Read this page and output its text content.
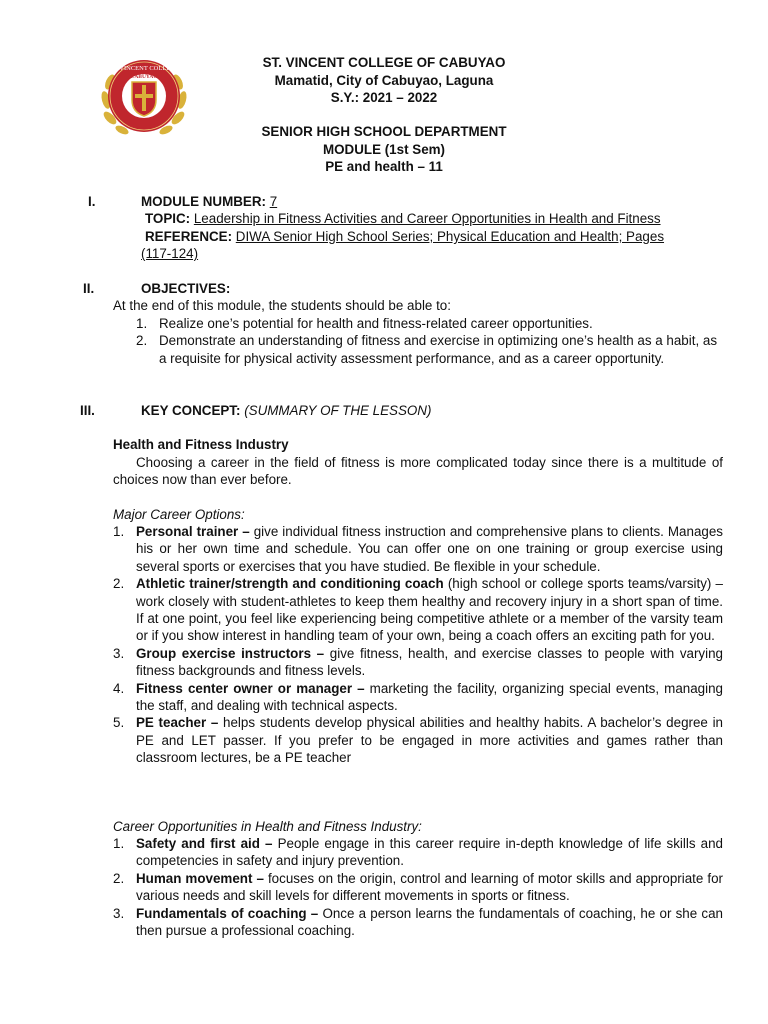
ST. VINCENT COLLEGE
CABUYAO
ST. VINCENT COLLEGE OF CABUYAO
Mamatid, City of Cabuyao, Laguna
S.Y.: 2021 – 2022
SENIOR HIGH SCHOOL DEPARTMENT
MODULE (1st Sem)
PE and health – 11
I.	MODULE NUMBER: 7
TOPIC: Leadership in Fitness Activities and Career Opportunities in Health and Fitness
REFERENCE: DIWA Senior High School Series; Physical Education and Health; Pages
(117-124)
II.	OBJECTIVES:
At the end of this module, the students should be able to:
1. Realize one’s potential for health and fitness-related career opportunities.
2. Demonstrate an understanding of fitness and exercise in optimizing one’s health as a habit, as a requisite for physical activity assessment performance, and as a career opportunity.
III.	KEY CONCEPT: (SUMMARY OF THE LESSON)
Health and Fitness Industry
Choosing a career in the field of fitness is more complicated today since there is a multitude of choices now than ever before.
Major Career Options:
1. Personal trainer – give individual fitness instruction and comprehensive plans to clients. Manages his or her own time and schedule. You can offer one on one training or group exercise using several sports or exercises that you have studied. Be flexible in your schedule.
2. Athletic trainer/strength and conditioning coach (high school or college sports teams/varsity) – work closely with student-athletes to keep them healthy and recovery injury in a short span of time. If at one point, you feel like experiencing being competitive athlete or a member of the varsity team or if you show interest in handling team of your own, being a coach offers an exciting path for you.
3. Group exercise instructors – give fitness, health, and exercise classes to people with varying fitness backgrounds and fitness levels.
4. Fitness center owner or manager – marketing the facility, organizing special events, managing the staff, and dealing with technical aspects.
5. PE teacher – helps students develop physical abilities and healthy habits. A bachelor’s degree in PE and LET passer. If you prefer to be engaged in more activities and games rather than classroom lectures, be a PE teacher
Career Opportunities in Health and Fitness Industry:
1. Safety and first aid – People engage in this career require in-depth knowledge of life skills and competencies in safety and injury prevention.
2. Human movement – focuses on the origin, control and learning of motor skills and appropriate for various needs and skill levels for different movements in sports or fitness.
3. Fundamentals of coaching – Once a person learns the fundamentals of coaching, he or she can then pursue a professional coaching.
